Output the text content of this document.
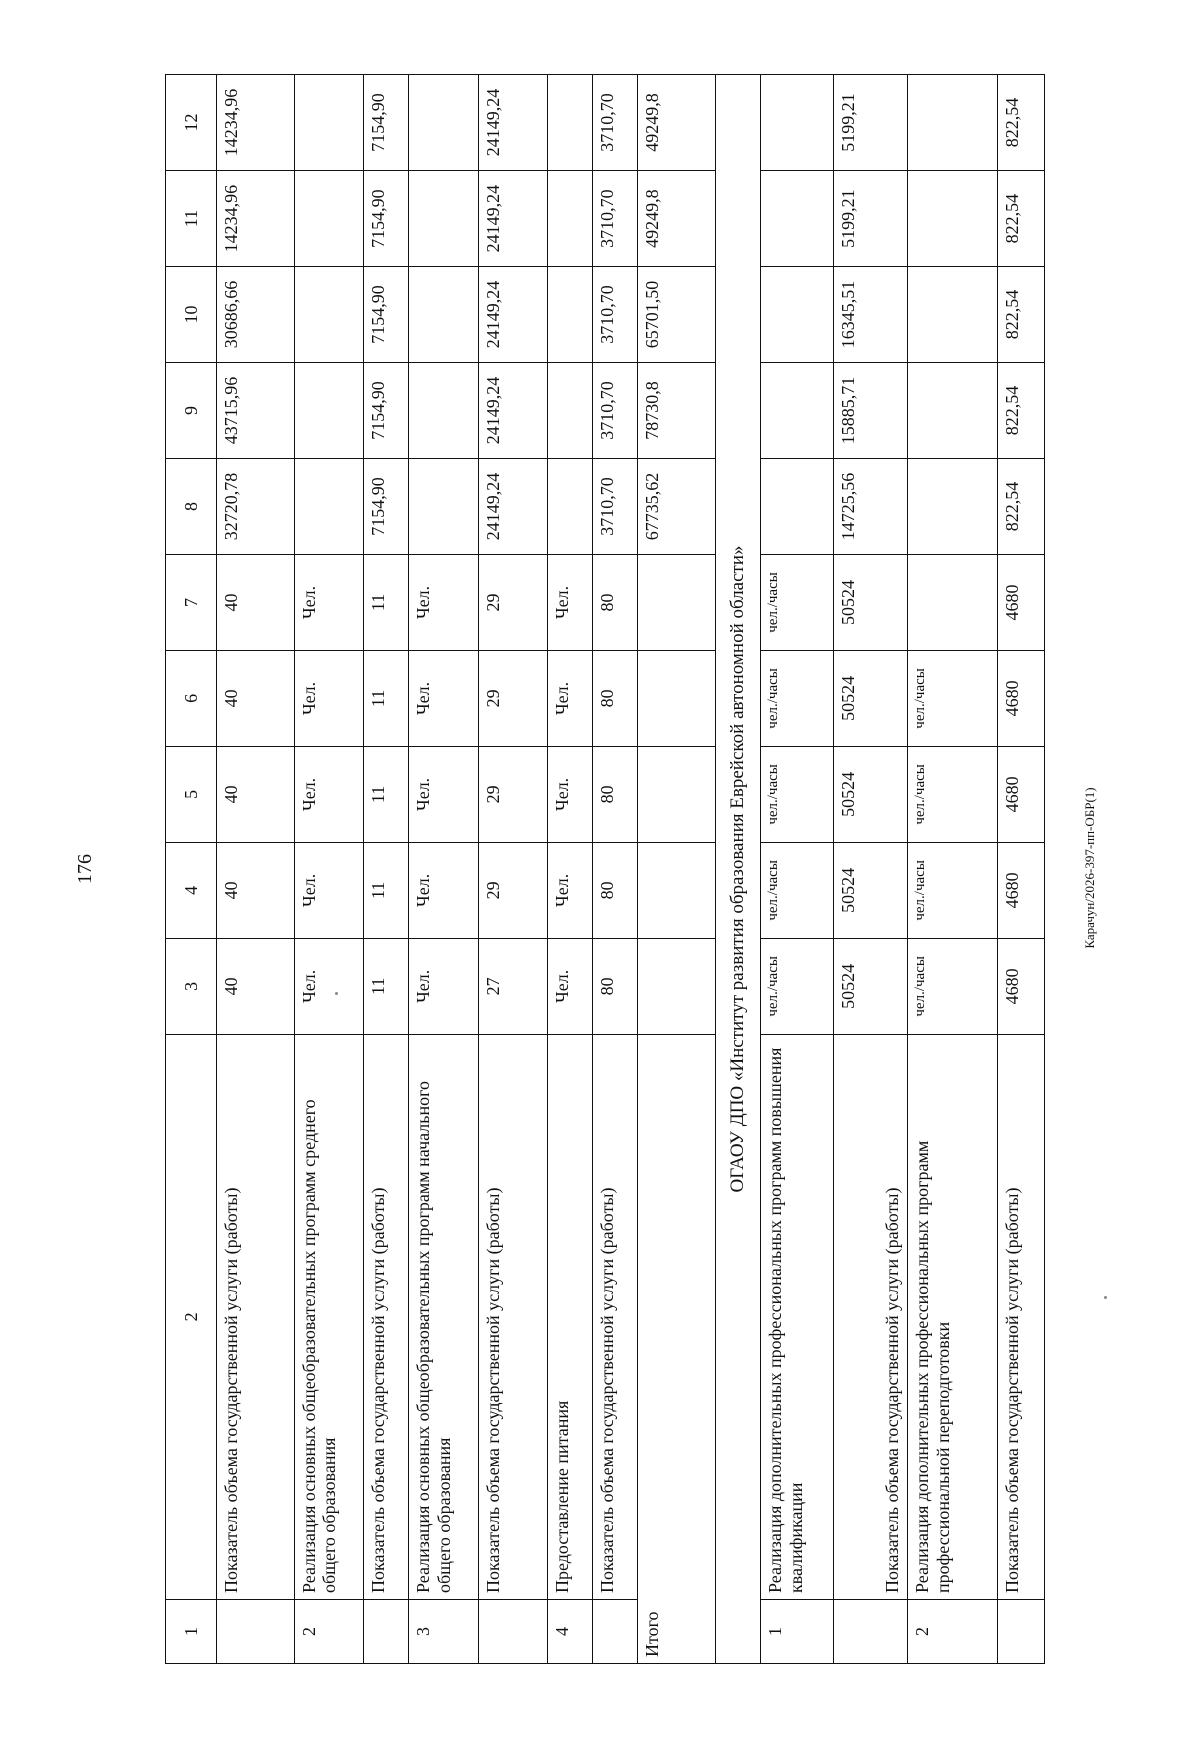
176	Карачун/2026-397-пп-ОБР(1)
1	2	3	4	5	6	7	8	9	10	11	12
	Показатель объема государственной услуги (работы)	40	40	40	40	40	32720,78	43715,96	30686,66	14234,96	14234,96
2	Реализация основных общеобразовательных программ среднего общего образования	Чел.	Чел.	Чел.	Чел.	Чел.					
	Показатель объема государственной услуги (работы)	11	11	11	11	11	7154,90	7154,90	7154,90	7154,90	7154,90
3	Реализация основных общеобразовательных программ начального общего образования	Чел.	Чел.	Чел.	Чел.	Чел.					
	Показатель объема государственной услуги (работы)	27	29	29	29	29	24149,24	24149,24	24149,24	24149,24	24149,24
4	Предоставление питания	Чел.	Чел.	Чел.	Чел.	Чел.					
	Показатель объема государственной услуги (работы)	80	80	80	80	80	3710,70	3710,70	3710,70	3710,70	3710,70
Итого							67735,62	78730,8	65701,50	49249,8	49249,8
ОГАОУ ДПО «Институт развития образования Еврейской автономной области»											
1	Реализация дополнительных профессиональных программ повышения квалификации	чел./часы	чел./часы	чел./часы	чел./часы	чел./часы					
	Показатель объема государственной услуги (работы)	50524	50524	50524	50524	50524	14725,56	15885,71	16345,51	5199,21	5199,21
2	Реализация дополнительных профессиональных программ профессиональной переподготовки	чел./часы	чел./часы	чел./часы	чел./часы						
	Показатель объема государственной услуги (работы)	4680	4680	4680	4680	4680	822,54	822,54	822,54	822,54	822,54
